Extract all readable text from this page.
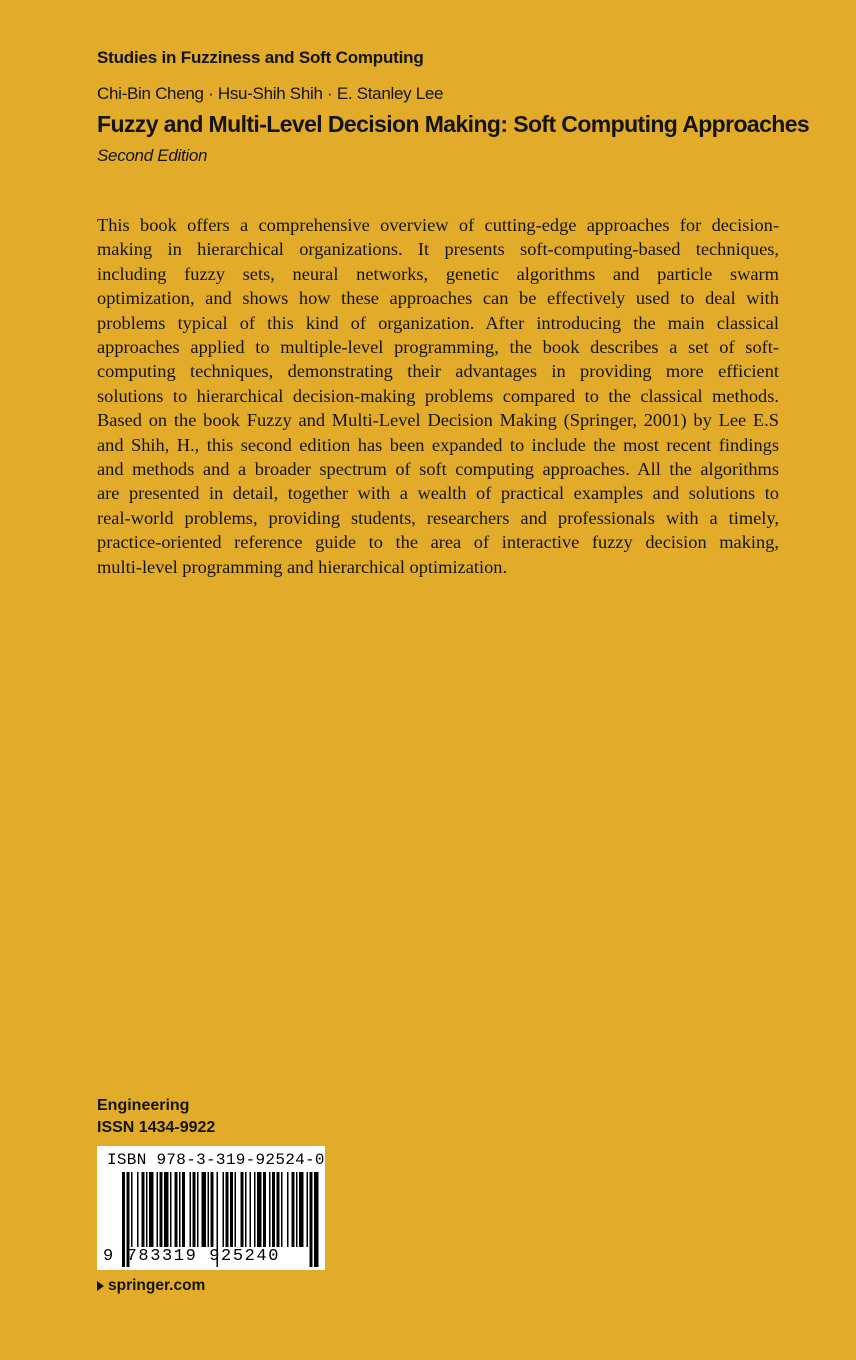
Studies in Fuzziness and Soft Computing
Chi-Bin Cheng · Hsu-Shih Shih · E. Stanley Lee
Fuzzy and Multi-Level Decision Making: Soft Computing Approaches
Second Edition

This book offers a comprehensive overview of cutting-edge approaches for decision-
making in hierarchical organizations. It presents soft-computing-based techniques,
including fuzzy sets, neural networks, genetic algorithms and particle swarm
optimization, and shows how these approaches can be effectively used to deal with
problems typical of this kind of organization. After introducing the main classical
approaches applied to multiple-level programming, the book describes a set of soft-
computing techniques, demonstrating their advantages in providing more efficient
solutions to hierarchical decision-making problems compared to the classical methods.
Based on the book Fuzzy and Multi-Level Decision Making (Springer, 2001) by Lee E.S
and Shih, H., this second edition has been expanded to include the most recent findings
and methods and a broader spectrum of soft computing approaches. All the algorithms
are presented in detail, together with a wealth of practical examples and solutions to
real-world problems, providing students, researchers and professionals with a timely,
practice-oriented reference guide to the area of interactive fuzzy decision making,
multi-level programming and hierarchical optimization.

Engineering
ISSN 1434-9922
ISBN 978-3-319-92524-0
9 783319 925240
springer.com
